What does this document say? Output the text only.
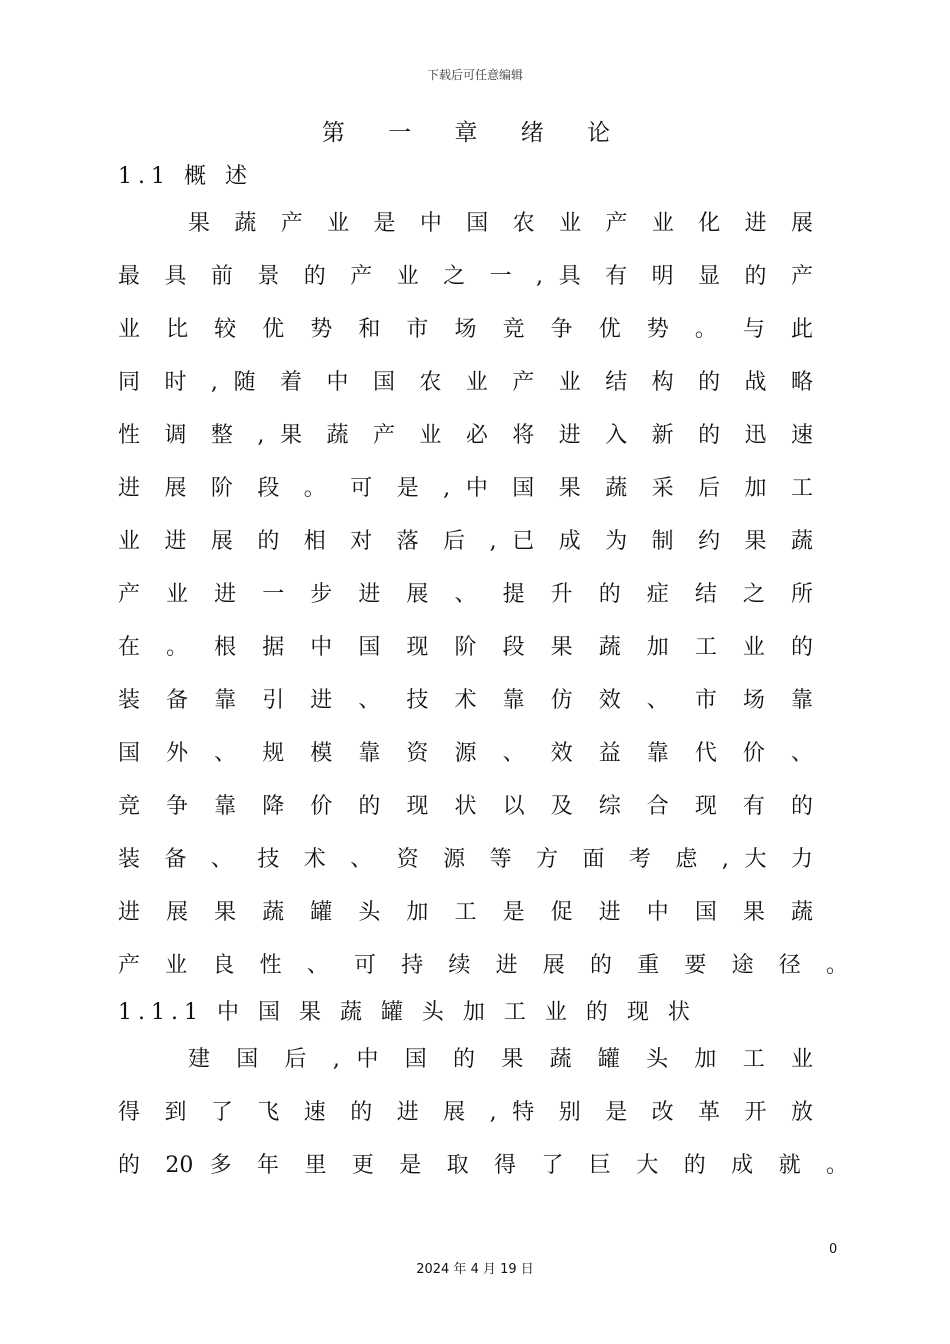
下载后可任意编辑
第 一 章 绪 论
1.1 概 述
果 蔬 产 业 是 中 国 农 业 产 业 化 进 展
最 具 前 景 的 产 业 之 一 , 具 有 明 显 的 产
业 比 较 优 势 和 市 场 竞 争 优 势 。 与 此
同 时 , 随 着 中 国 农 业 产 业 结 构 的 战 略
性 调 整 , 果 蔬 产 业 必 将 进 入 新 的 迅 速
进 展 阶 段 。 可 是 , 中 国 果 蔬 采 后 加 工
业 进 展 的 相 对 落 后 , 已 成 为 制 约 果 蔬
产 业 进 一 步 进 展 、 提 升 的 症 结 之 所
在 。 根 据 中 国 现 阶 段 果 蔬 加 工 业 的
装 备 靠 引 进 、 技 术 靠 仿 效 、 市 场 靠
国 外 、 规 模 靠 资 源 、 效 益 靠 代 价 、
竞 争 靠 降 价 的 现 状 以 及 综 合 现 有 的
装 备 、 技 术 、 资 源 等 方 面 考 虑 , 大 力
进 展 果 蔬 罐 头 加 工 是 促 进 中 国 果 蔬
产 业 良 性 、 可 持 续 进 展 的 重 要 途 径 。
1.1.1 中 国 果 蔬 罐 头 加 工 业 的 现 状
建 国 后 , 中 国 的 果 蔬 罐 头 加 工 业
得 到 了 飞 速 的 进 展 , 特 别 是 改 革 开 放
的 20 多 年 里 更 是 取 得 了 巨 大 的 成 就 。
0
2024 年 4 月 19 日
